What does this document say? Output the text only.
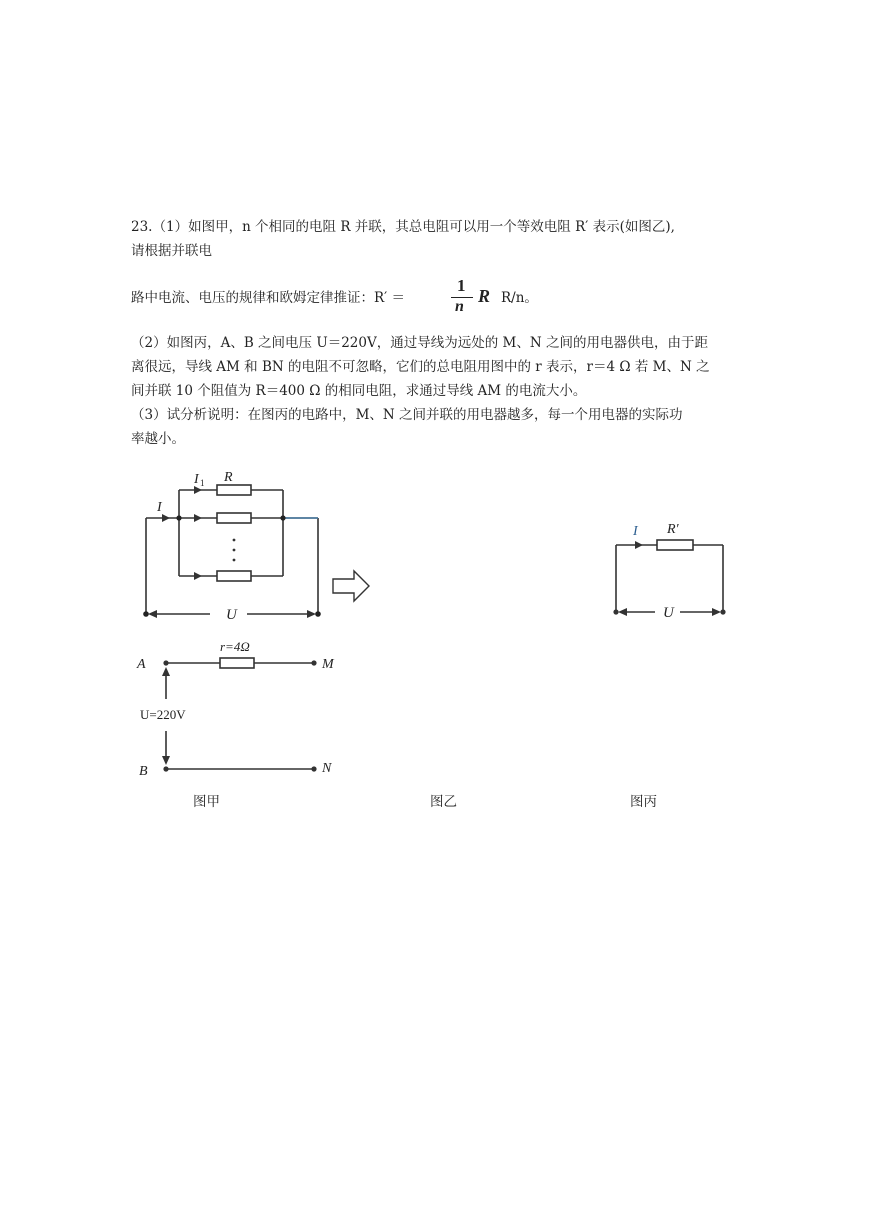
23.（1）如图甲，n 个相同的电阻 R 并联，其总电阻可以用一个等效电阻 R′ 表示(如图乙),
请根据并联电
路中电流、电压的规律和欧姆定律推证：R′ ＝
1
n
R R/n。
（2）如图丙，A、B 之间电压 U＝220V，通过导线为远处的 M、N 之间的用电器供电，由于距
离很远，导线 AM 和 BN 的电阻不可忽略，它们的总电阻用图中的 r 表示，r＝4 Ω 若 M、N 之
间并联 10 个阻值为 R＝400 Ω 的相同电阻，求通过导线 AM 的电流大小。
（3）试分析说明：在图丙的电路中，M、N 之间并联的用电器越多，每一个用电器的实际功
率越小。
I 1 R
I
U
I R′
U
r=4Ω
A	M
U=220V
B	N
图甲	图乙	图丙
